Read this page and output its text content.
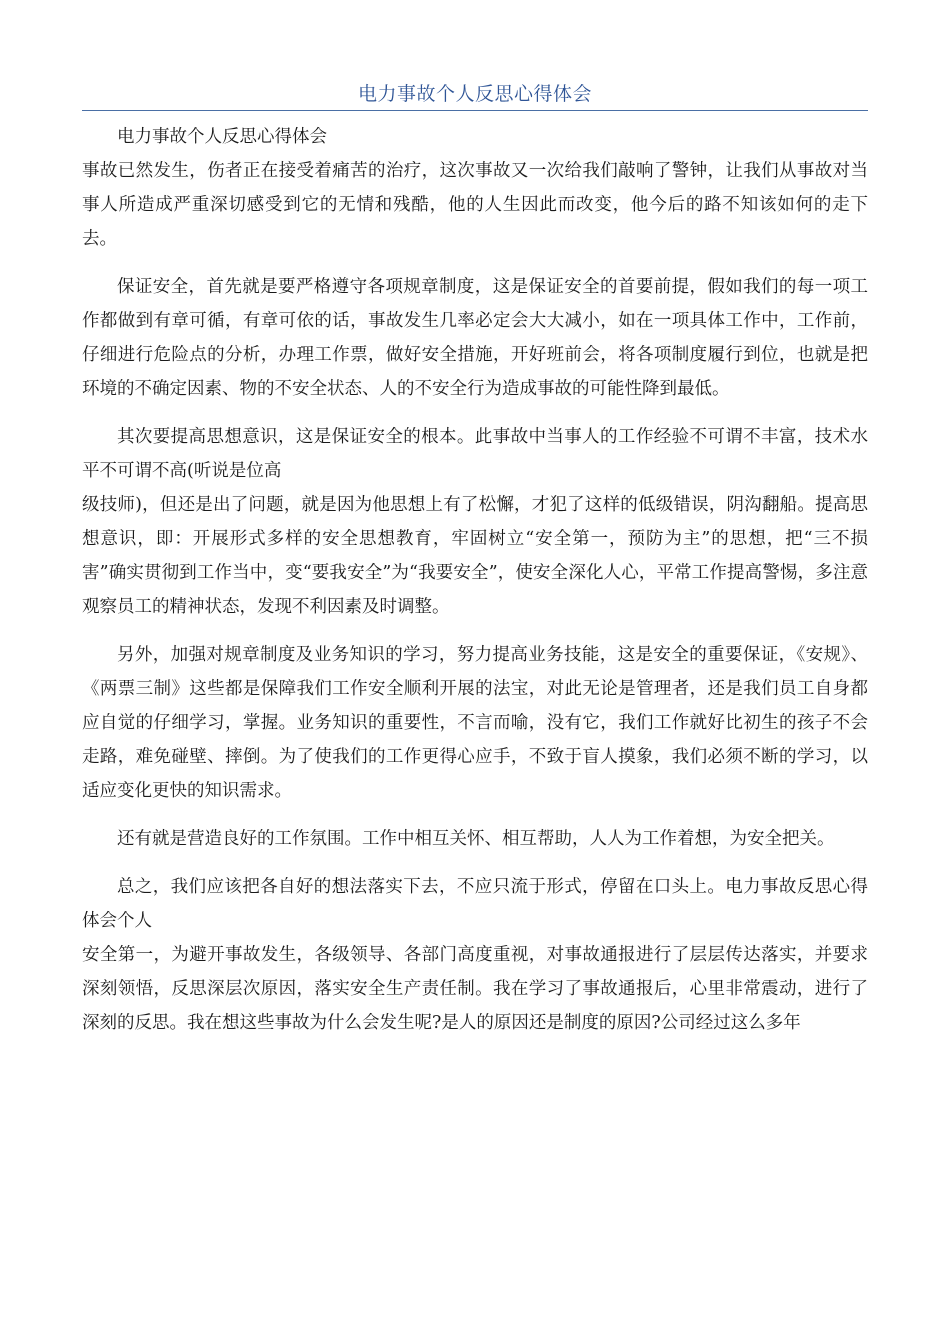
电力事故个人反思心得体会

电力事故个人反思心得体会

事故已然发生，伤者正在接受着痛苦的治疗，这次事故又一次给我们敲响了警钟，让我们从事故对当事人所造成严重深切感受到它的无情和残酷，他的人生因此而改变，他今后的路不知该如何的走下去。

保证安全，首先就是要严格遵守各项规章制度，这是保证安全的首要前提，假如我们的每一项工作都做到有章可循，有章可依的话，事故发生几率必定会大大减小，如在一项具体工作中，工作前，仔细进行危险点的分析，办理工作票，做好安全措施，开好班前会，将各项制度履行到位，也就是把环境的不确定因素、物的不安全状态、人的不安全行为造成事故的可能性降到最低。

其次要提高思想意识，这是保证安全的根本。此事故中当事人的工作经验不可谓不丰富，技术水平不可谓不高(听说是位高

级技师)，但还是出了问题，就是因为他思想上有了松懈，才犯了这样的低级错误，阴沟翻船。提高思想意识，即：开展形式多样的安全思想教育，牢固树立“安全第一，预防为主”的思想，把“三不损害”确实贯彻到工作当中，变“要我安全”为“我要安全”，使安全深化人心，平常工作提高警惕，多注意观察员工的精神状态，发现不利因素及时调整。

另外，加强对规章制度及业务知识的学习，努力提高业务技能，这是安全的重要保证，《安规》、《两票三制》这些都是保障我们工作安全顺利开展的法宝，对此无论是管理者，还是我们员工自身都应自觉的仔细学习，掌握。业务知识的重要性，不言而喻，没有它，我们工作就好比初生的孩子不会走路，难免碰壁、摔倒。为了使我们的工作更得心应手，不致于盲人摸象，我们必须不断的学习，以适应变化更快的知识需求。

还有就是营造良好的工作氛围。工作中相互关怀、相互帮助，人人为工作着想，为安全把关。

总之，我们应该把各自好的想法落实下去，不应只流于形式，停留在口头上。电力事故反思心得体会个人

安全第一，为避开事故发生，各级领导、各部门高度重视，对事故通报进行了层层传达落实，并要求深刻领悟，反思深层次原因，落实安全生产责任制。我在学习了事故通报后，心里非常震动，进行了深刻的反思。我在想这些事故为什么会发生呢?是人的原因还是制度的原因?公司经过这么多年
